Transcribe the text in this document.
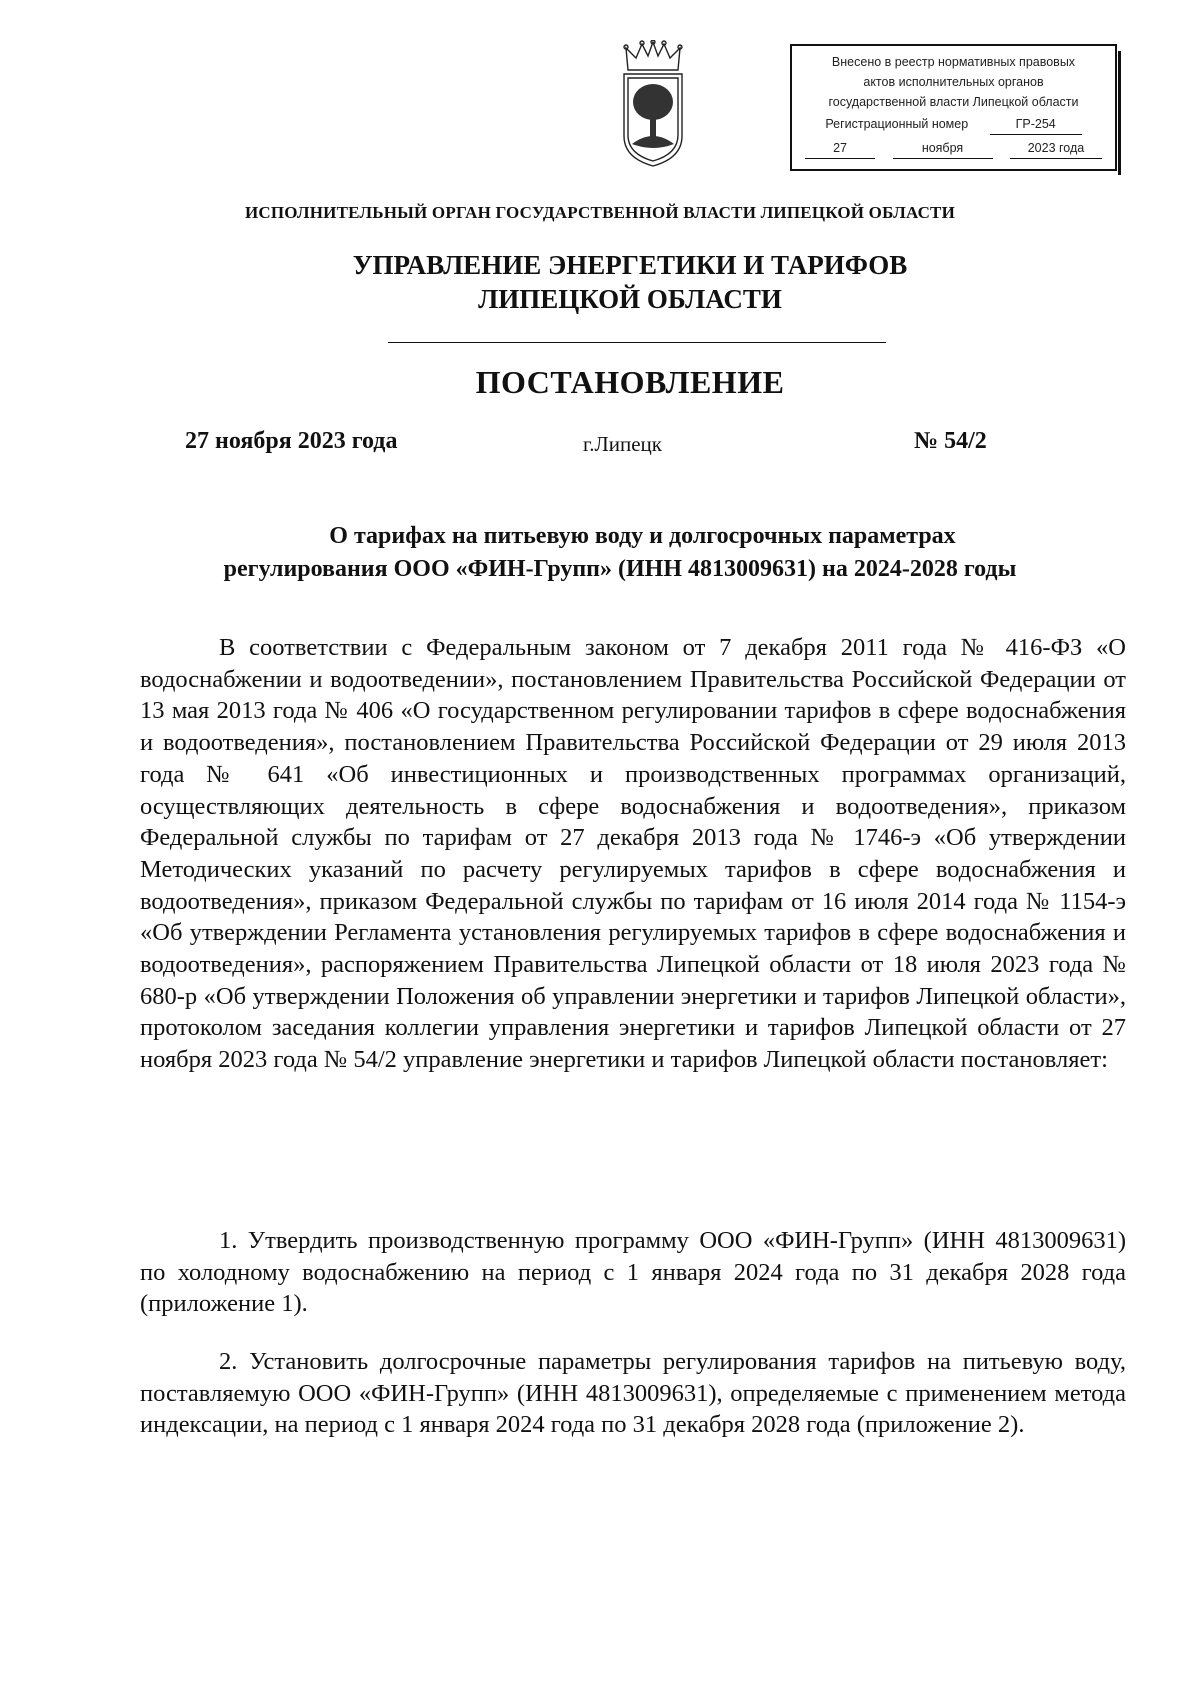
Внесено в реестр нормативных правовых
актов исполнительных органов
государственной власти Липецкой области
Регистрационный номер	ГР-254
27	ноября	2023 года
ИСПОЛНИТЕЛЬНЫЙ ОРГАН ГОСУДАРСТВЕННОЙ ВЛАСТИ ЛИПЕЦКОЙ ОБЛАСТИ
УПРАВЛЕНИЕ ЭНЕРГЕТИКИ И ТАРИФОВ
ЛИПЕЦКОЙ ОБЛАСТИ
ПОСТАНОВЛЕНИЕ
27 ноября 2023 года	г.Липецк	№ 54/2
О тарифах на питьевую воду и долгосрочных параметрах
регулирования ООО «ФИН-Групп» (ИНН 4813009631) на 2024-2028 годы

В соответствии с Федеральным законом от 7 декабря 2011 года № 416-ФЗ «О водоснабжении и водоотведении», постановлением Правительства Российской Федерации от 13 мая 2013 года № 406 «О государственном регулировании тарифов в сфере водоснабжения и водоотведения», постановлением Правительства Российской Федерации от 29 июля 2013 года № 641 «Об инвестиционных и производственных программах организаций, осуществляющих деятельность в сфере водоснабжения и водоотведения», приказом Федеральной службы по тарифам от 27 декабря 2013 года № 1746-э «Об утверждении Методических указаний по расчету регулируемых тарифов в сфере водоснабжения и водоотведения», приказом Федеральной службы по тарифам от 16 июля 2014 года № 1154-э «Об утверждении Регламента установления регулируемых тарифов в сфере водоснабжения и водоотведения», распоряжением Правительства Липецкой области от 18 июля 2023 года № 680-р «Об утверждении Положения об управлении энергетики и тарифов Липецкой области», протоколом заседания коллегии управления энергетики и тарифов Липецкой области от 27 ноября 2023 года № 54/2 управление энергетики и тарифов Липецкой области постановляет:

1. Утвердить производственную программу ООО «ФИН-Групп» (ИНН 4813009631) по холодному водоснабжению на период с 1 января 2024 года по 31 декабря 2028 года (приложение 1).

2. Установить долгосрочные параметры регулирования тарифов на питьевую воду, поставляемую ООО «ФИН-Групп» (ИНН 4813009631), определяемые с применением метода индексации, на период с 1 января 2024 года по 31 декабря 2028 года (приложение 2).
